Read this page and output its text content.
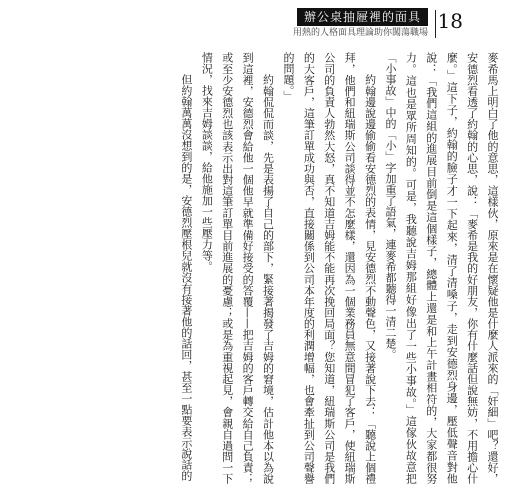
辦公桌抽屜裡的面具
用熱的人格面具理論助你闖蕩職場 18

麥希馬上明白了他的意思，這樣伙，原來是在懷疑他是什麼人派來的「奸細」吧？還好，安德烈看透了約翰的心思，說：「麥希是我的好朋友，你有什麼話但說無妨，不用擔心什麼。」這下子，約翰的臉子才一下起來，清了清嗓子，走到安德烈身邊，壓低聲音對他說：「我們這組的進展目前倒是這個樣子，總體上還是和上午計畫相符的，大家都很努力。這也是眾所周知的。可是，我聽說吉姆那組好像出了一些小事故。」這傢伙故意把「小事故」中的「小」字加重了語氣，連麥希都聽得一清二楚。

約翰邊說邊偷偷看安德烈的表情，見安德烈不動聲色，又接著說下去：「聽說上個禮拜，他們和紐瑞斯公司談得並不怎麼樣，還因為一個業務員無意間冒犯了客戶，使紐瑞斯公司的負責人勃然大怒，真不知道吉姆能不能再次挽回局面？您知道，紐瑞斯公司是我們的大客戶，這筆訂單成功與否，直接關係到公司本年度的利潤增幅，也會牽扯到公司聲譽的問題。」

約翰侃侃而談，先是表揚了自己的部下，緊接著揭發了吉姆的窘境，估計他本以為說到這裡，安德烈會給他一個他早就準備好接受的答覆——把吉姆的客戶轉交給自己負責；或至少安德烈也該表示出對這筆訂單目前進展的憂慮；或是為重視起見，會親自過問一下情況，找來吉姆談談，給他施加一些壓力等。

但約翰萬萬沒想到的是，安德烈壓根兒就沒有接著他的話回，甚至一點要表示說話的
